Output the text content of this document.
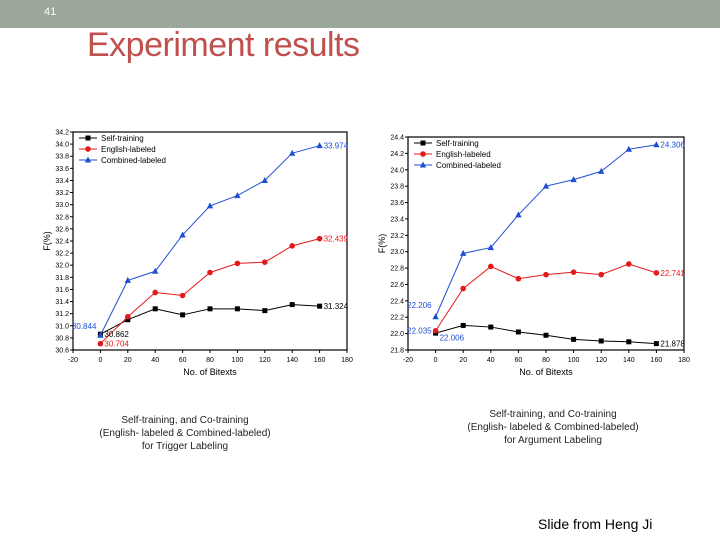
41
Experiment results
-20	0	20	40	60	80	100 120 140 160 180
30.6
30.8
31.0
31.2
31.4
31.6
31.8
32.0
32.2
32.4
32.6
32.8
33.0
33.2
33.4
33.6
33.8
34.0
34.2
No. of Bitexts
F(%)
Self-training
English-labeled
Combined-labeled
33.974
32.439
31.324
30.844
30.862
30.704
-20	0	20	40	60	80	100 120 140 160 180
21.8
22.0
22.2
22.4
22.6
22.8
23.0
23.2
23.4
23.6
23.8
24.0
24.2
24.4
No. of Bitexts
F(%)
Self-training
English-labeled
Combined-labeled
24.306
22.741
21.878
22.206
22.035
22.006
Self-training, and Co-training
(English- labeled & Combined-labeled)
for Trigger Labeling
Self-training, and Co-training
(English- labeled & Combined-labeled)
for Argument Labeling
Slide from Heng Ji
